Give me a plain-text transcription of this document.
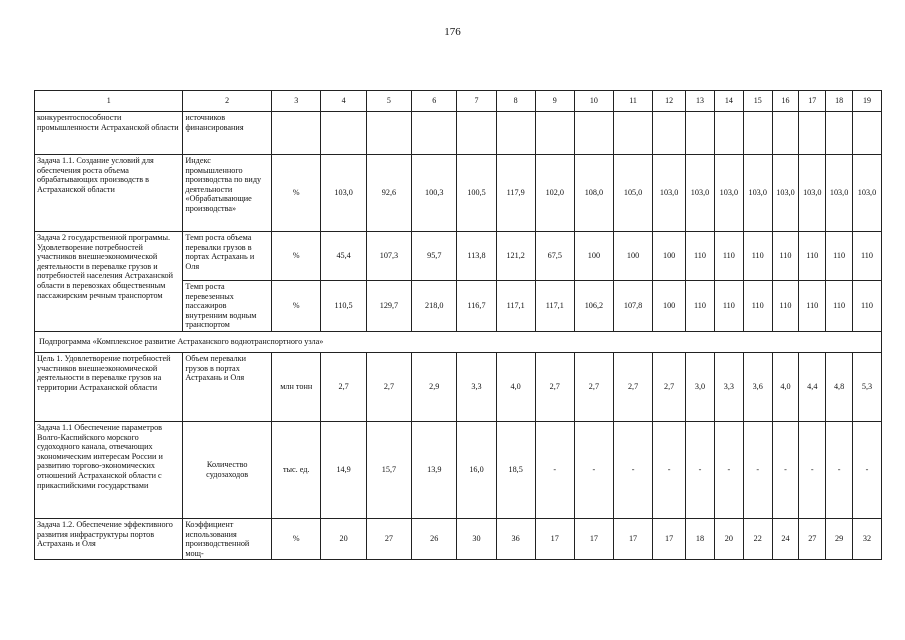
176
1	2	3	4	5	6	7	8	9	10	11	12	13	14	15	16	17	18	19
конкурентоспособности промышленности Астраханской области	источников финансирования																	
Задача 1.1. Создание условий для обеспечения роста объема обрабатывающих производств в Астраханской области	Индекс промышленного производства по виду деятельности «Обрабатывающие производства»	%	103,0	92,6	100,3	100,5	117,9	102,0	108,0	105,0	103,0	103,0	103,0	103,0	103,0	103,0	103,0	103,0
Задача 2 государственной программы. Удовлетворение потребностей участников внешнеэкономической деятельности в перевалке грузов и потребностей населения Астраханской области в перевозках общественным пассажирским речным транспортом	Темп роста объема перевалки грузов в портах Астрахань и Оля	%	45,4	107,3	95,7	113,8	121,2	67,5	100	100	100	110	110	110	110	110	110	110
	Темп роста перевезенных пассажиров внутренним водным транспортом	%	110,5	129,7	218,0	116,7	117,1	117,1	106,2	107,8	100	110	110	110	110	110	110	110
Подпрограмма «Комплексное развитие Астраханского воднотранспортного узла»																		
Цель 1. Удовлетворение потребностей участников внешнеэкономической деятельности в перевалке грузов на территории Астраханской области	Объем перевалки грузов в портах Астрахань и Оля	млн тонн	2,7	2,7	2,9	3,3	4,0	2,7	2,7	2,7	2,7	3,0	3,3	3,6	4,0	4,4	4,8	5,3
Задача 1.1 Обеспечение параметров Волго-Каспийского морского судоходного канала, отвечающих экономическим интересам России и развитию торгово-экономических отношений Астраханской области с прикаспийскими государствами	Количество судозаходов	тыс. ед.	14,9	15,7	13,9	16,0	18,5	-	-	-	-	-	-	-	-	-	-	-
Задача 1.2. Обеспечение эффективного развития инфраструктуры портов Астрахань и Оля	Коэффициент использования производственной мощ-	%	20	27	26	30	36	17	17	17	17	18	20	22	24	27	29	32
